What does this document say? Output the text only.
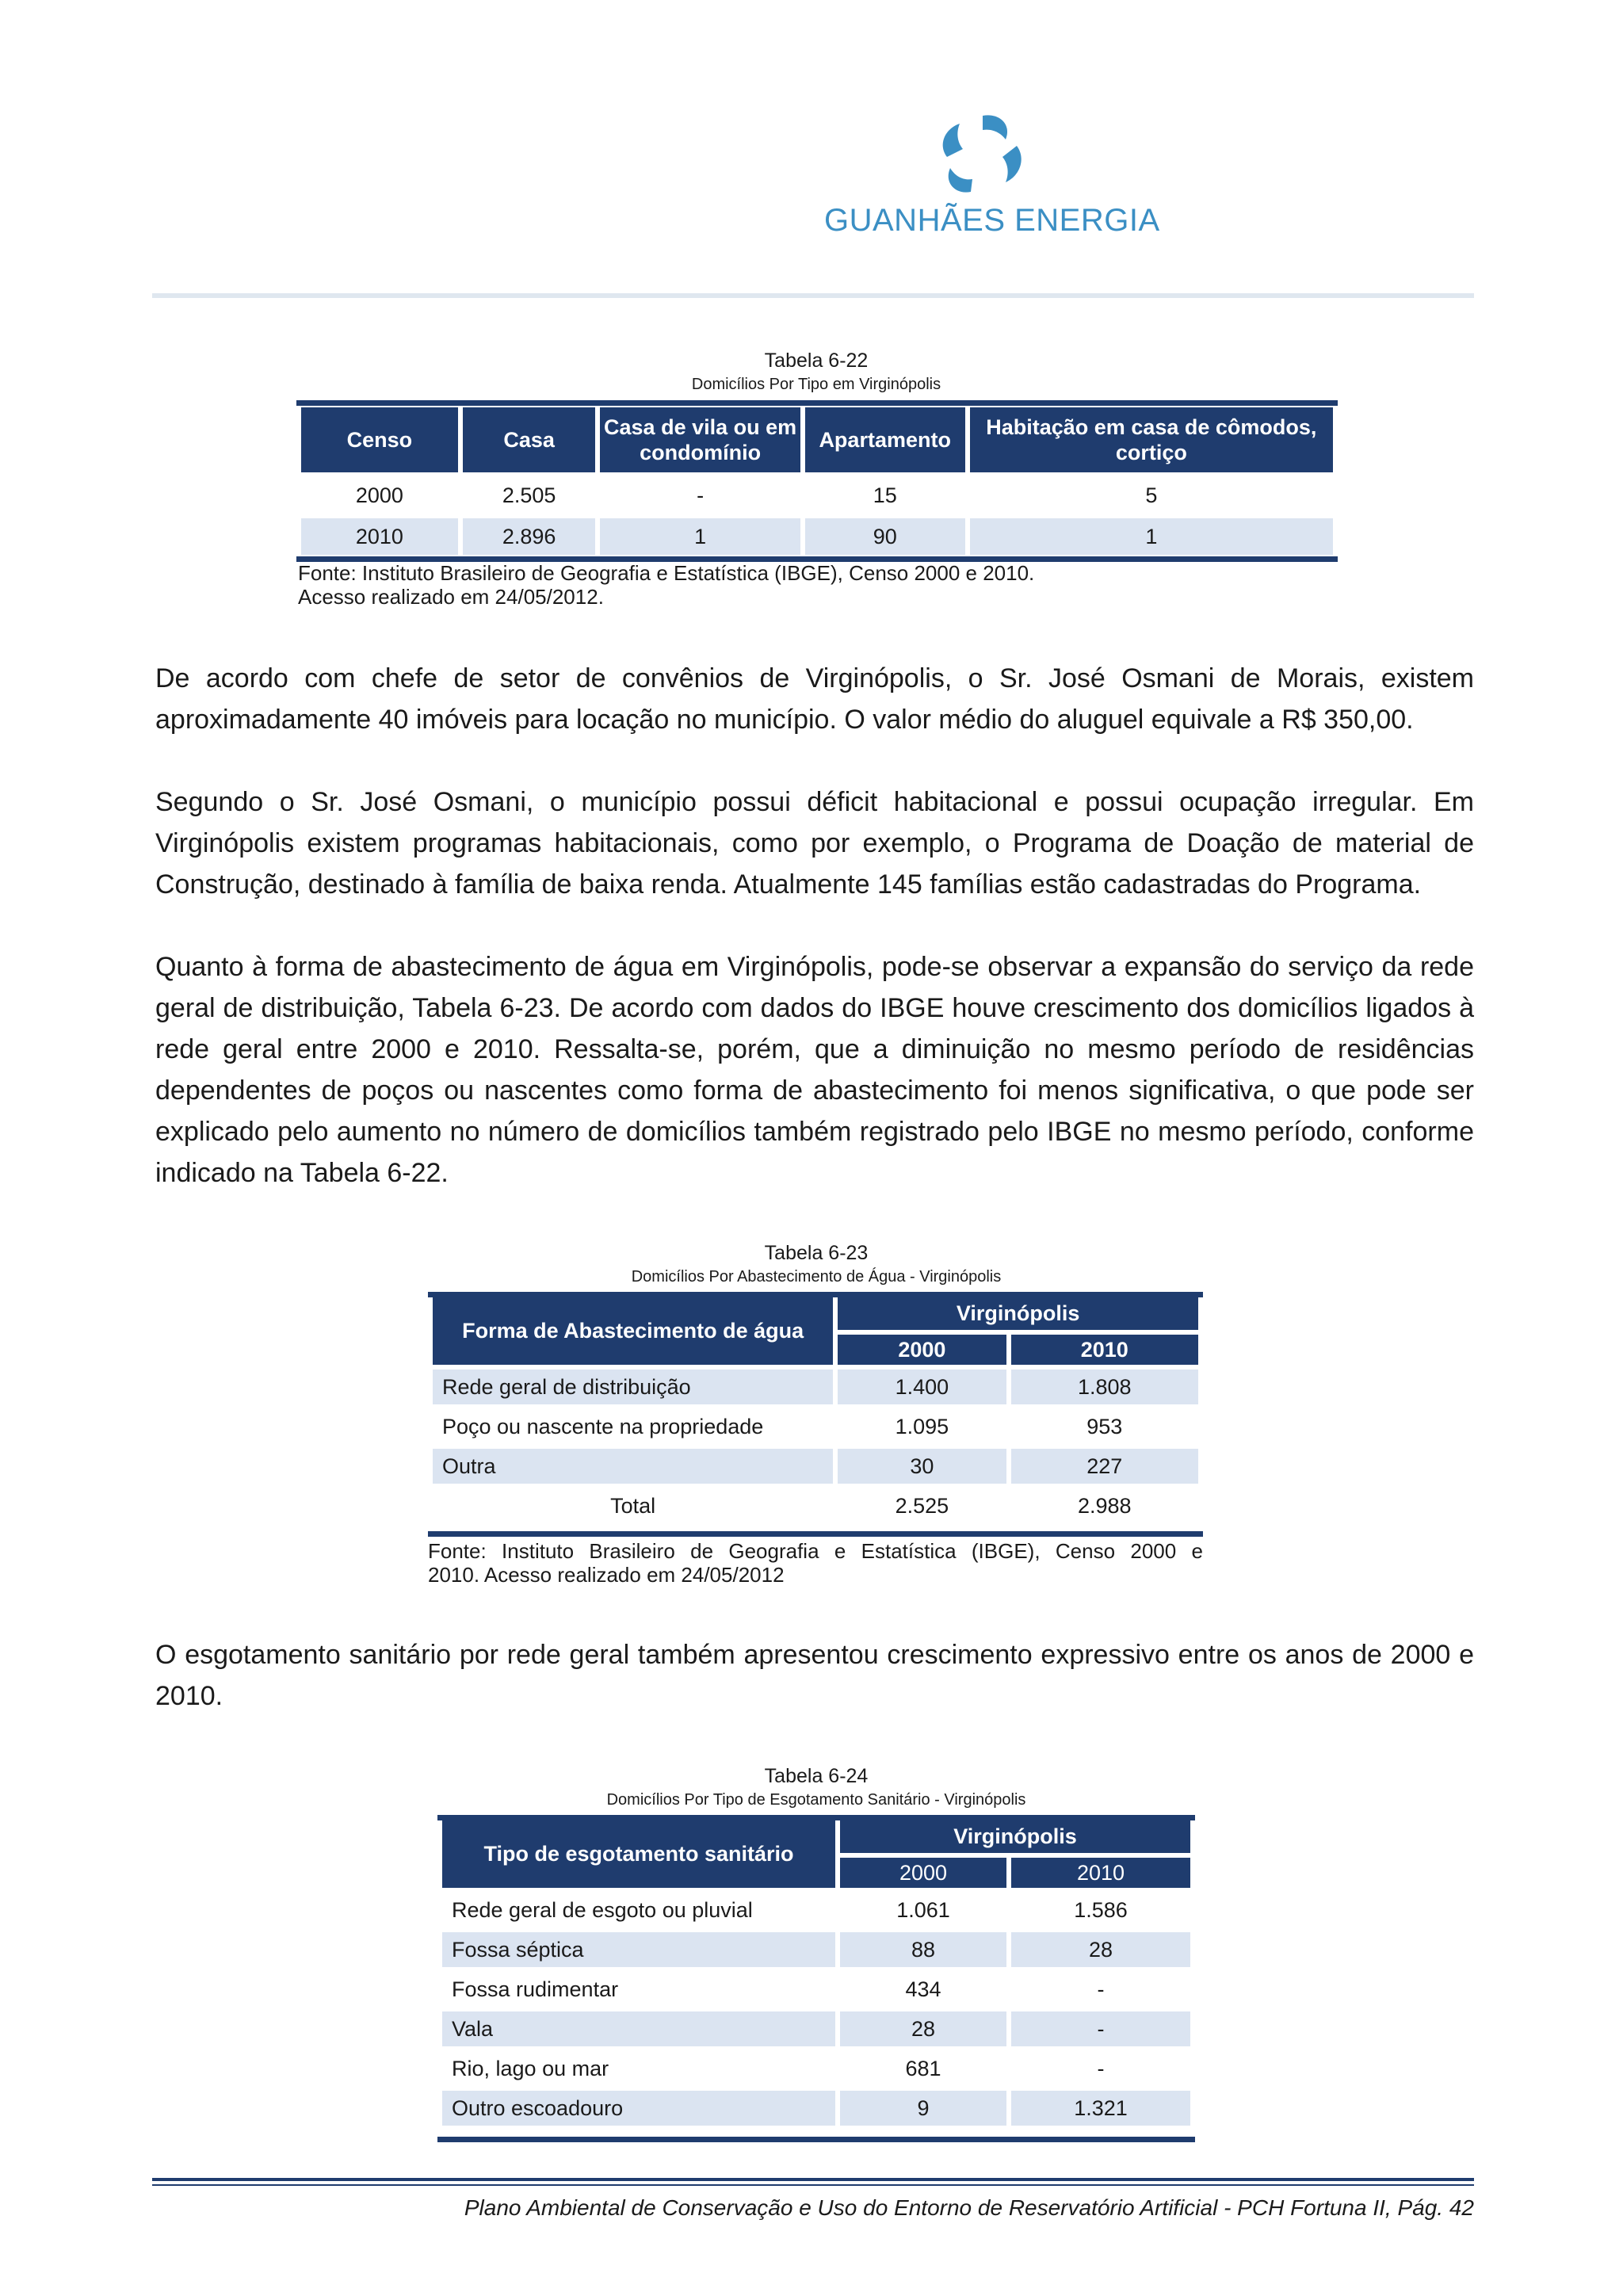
GUANHÃES ENERGIA
Tabela 6-22
Domicílios Por Tipo em Virginópolis
Censo	Casa	Casa de vila ou em condomínio	Apartamento	Habitação em casa de cômodos, cortiço
2000	2.505	-	15	5
2010	2.896	1	90	1
Fonte: Instituto Brasileiro de Geografia e Estatística (IBGE), Censo 2000 e 2010.
Acesso realizado em 24/05/2012.

De acordo com chefe de setor de convênios de Virginópolis, o Sr. José Osmani de Morais, existem aproximadamente 40 imóveis para locação no município. O valor médio do aluguel equivale a R$ 350,00.

Segundo o Sr. José Osmani, o município possui déficit habitacional e possui ocupação irregular. Em Virginópolis existem programas habitacionais, como por exemplo, o Programa de Doação de material de Construção, destinado à família de baixa renda. Atualmente 145 famílias estão cadastradas do Programa.

Quanto à forma de abastecimento de água em Virginópolis, pode-se observar a expansão do serviço da rede geral de distribuição, Tabela 6-23. De acordo com dados do IBGE houve crescimento dos domicílios ligados à rede geral entre 2000 e 2010. Ressalta-se, porém, que a diminuição no mesmo período de residências dependentes de poços ou nascentes como forma de abastecimento foi menos significativa, o que pode ser explicado pelo aumento no número de domicílios também registrado pelo IBGE no mesmo período, conforme indicado na Tabela 6-22.

Tabela 6-23
Domicílios Por Abastecimento de Água - Virginópolis
Forma de Abastecimento de água	Virginópolis	
	2000	2010
Rede geral de distribuição	1.400	1.808
Poço ou nascente na propriedade	1.095	953
Outra	30	227
Total	2.525	2.988
Fonte: Instituto Brasileiro de Geografia e Estatística (IBGE), Censo 2000 e
2010. Acesso realizado em 24/05/2012

O esgotamento sanitário por rede geral também apresentou crescimento expressivo entre os anos de 2000 e 2010.

Tabela 6-24
Domicílios Por Tipo de Esgotamento Sanitário - Virginópolis
Tipo de esgotamento sanitário	Virginópolis	
	2000	2010
Rede geral de esgoto ou pluvial	1.061	1.586
Fossa séptica	88	28
Fossa rudimentar	434	-
Vala	28	-
Rio, lago ou mar	681	-
Outro escoadouro	9	1.321
Plano Ambiental de Conservação e Uso do Entorno de Reservatório Artificial - PCH Fortuna II, Pág. 42
